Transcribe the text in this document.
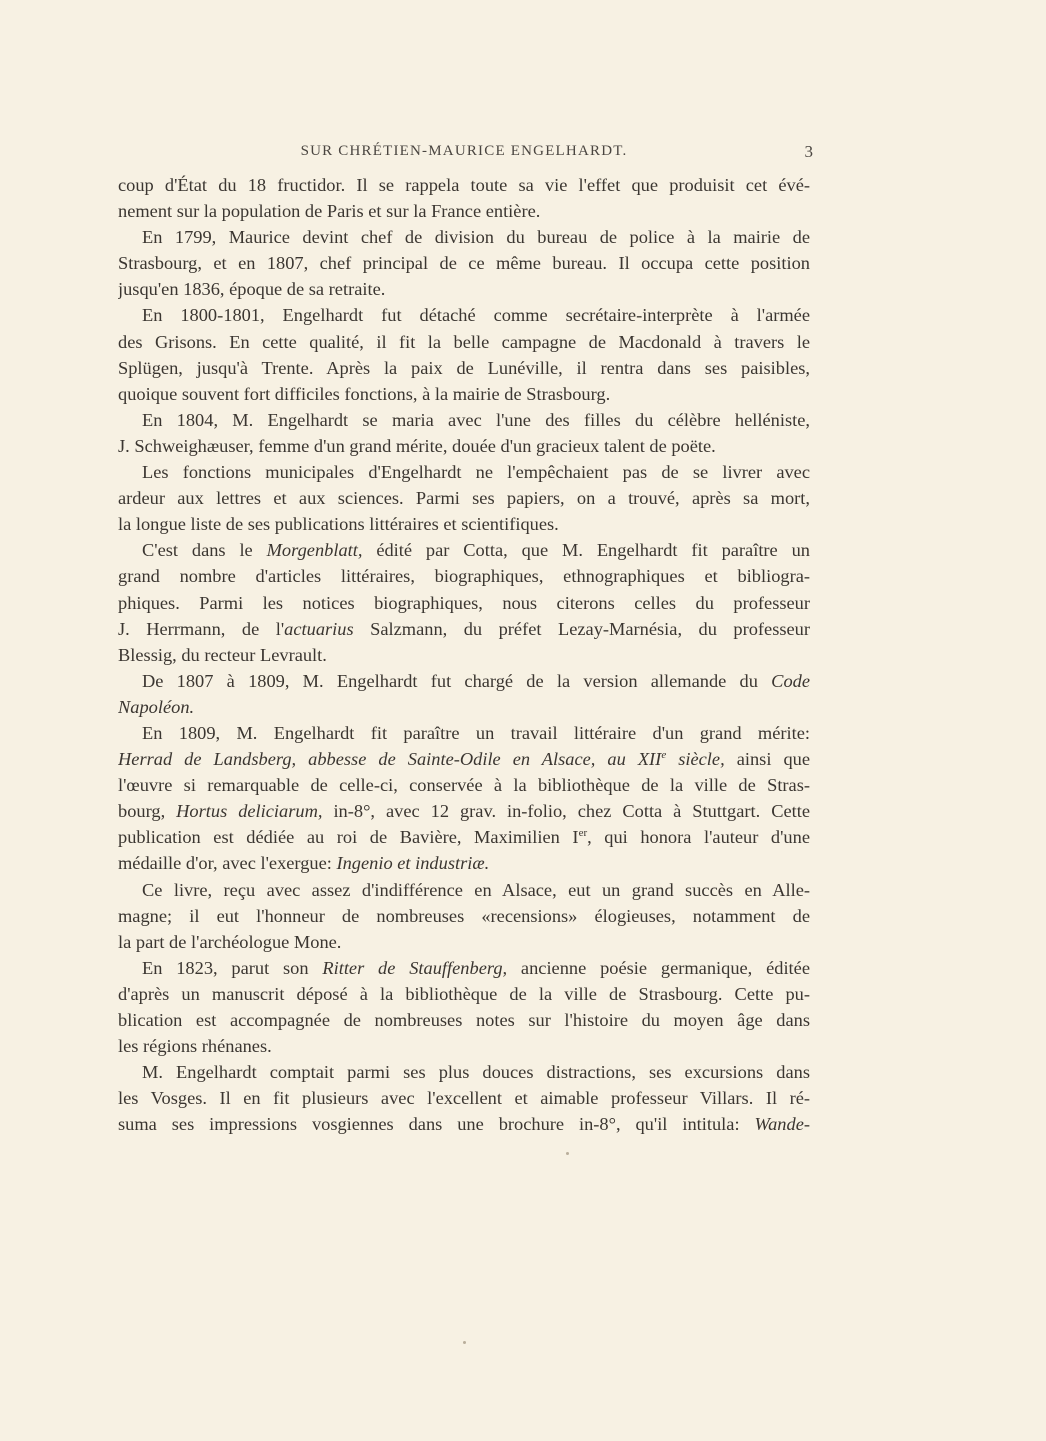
SUR CHRÉTIEN-MAURICE ENGELHARDT.	3
coup d'État du 18 fructidor. Il se rappela toute sa vie l'effet que produisit cet évé-
nement sur la population de Paris et sur la France entière.
En 1799, Maurice devint chef de division du bureau de police à la mairie de
Strasbourg, et en 1807, chef principal de ce même bureau. Il occupa cette position
jusqu'en 1836, époque de sa retraite.
En 1800-1801, Engelhardt fut détaché comme secrétaire-interprète à l'armée
des Grisons. En cette qualité, il fit la belle campagne de Macdonald à travers le
Splügen, jusqu'à Trente. Après la paix de Lunéville, il rentra dans ses paisibles,
quoique souvent fort difficiles fonctions, à la mairie de Strasbourg.
En 1804, M. Engelhardt se maria avec l'une des filles du célèbre helléniste,
J. Schweighæuser, femme d'un grand mérite, douée d'un gracieux talent de poëte.
Les fonctions municipales d'Engelhardt ne l'empêchaient pas de se livrer avec
ardeur aux lettres et aux sciences. Parmi ses papiers, on a trouvé, après sa mort,
la longue liste de ses publications littéraires et scientifiques.
C'est dans le Morgenblatt, édité par Cotta, que M. Engelhardt fit paraître un
grand nombre d'articles littéraires, biographiques, ethnographiques et bibliogra-
phiques. Parmi les notices biographiques, nous citerons celles du professeur
J. Herrmann, de l'actuarius Salzmann, du préfet Lezay-Marnésia, du professeur
Blessig, du recteur Levrault.
De 1807 à 1809, M. Engelhardt fut chargé de la version allemande du Code
Napoléon.
En 1809, M. Engelhardt fit paraître un travail littéraire d'un grand mérite:
Herrad de Landsberg, abbesse de Sainte-Odile en Alsace, au XIIe siècle, ainsi que
l'œuvre si remarquable de celle-ci, conservée à la bibliothèque de la ville de Stras-
bourg, Hortus deliciarum, in-8°, avec 12 grav. in-folio, chez Cotta à Stuttgart. Cette
publication est dédiée au roi de Bavière, Maximilien Ier, qui honora l'auteur d'une
médaille d'or, avec l'exergue: Ingenio et industriæ.
Ce livre, reçu avec assez d'indifférence en Alsace, eut un grand succès en Alle-
magne; il eut l'honneur de nombreuses «recensions» élogieuses, notamment de
la part de l'archéologue Mone.
En 1823, parut son Ritter de Stauffenberg, ancienne poésie germanique, éditée
d'après un manuscrit déposé à la bibliothèque de la ville de Strasbourg. Cette pu-
blication est accompagnée de nombreuses notes sur l'histoire du moyen âge dans
les régions rhénanes.
M. Engelhardt comptait parmi ses plus douces distractions, ses excursions dans
les Vosges. Il en fit plusieurs avec l'excellent et aimable professeur Villars. Il ré-
suma ses impressions vosgiennes dans une brochure in-8°, qu'il intitula: Wande-
